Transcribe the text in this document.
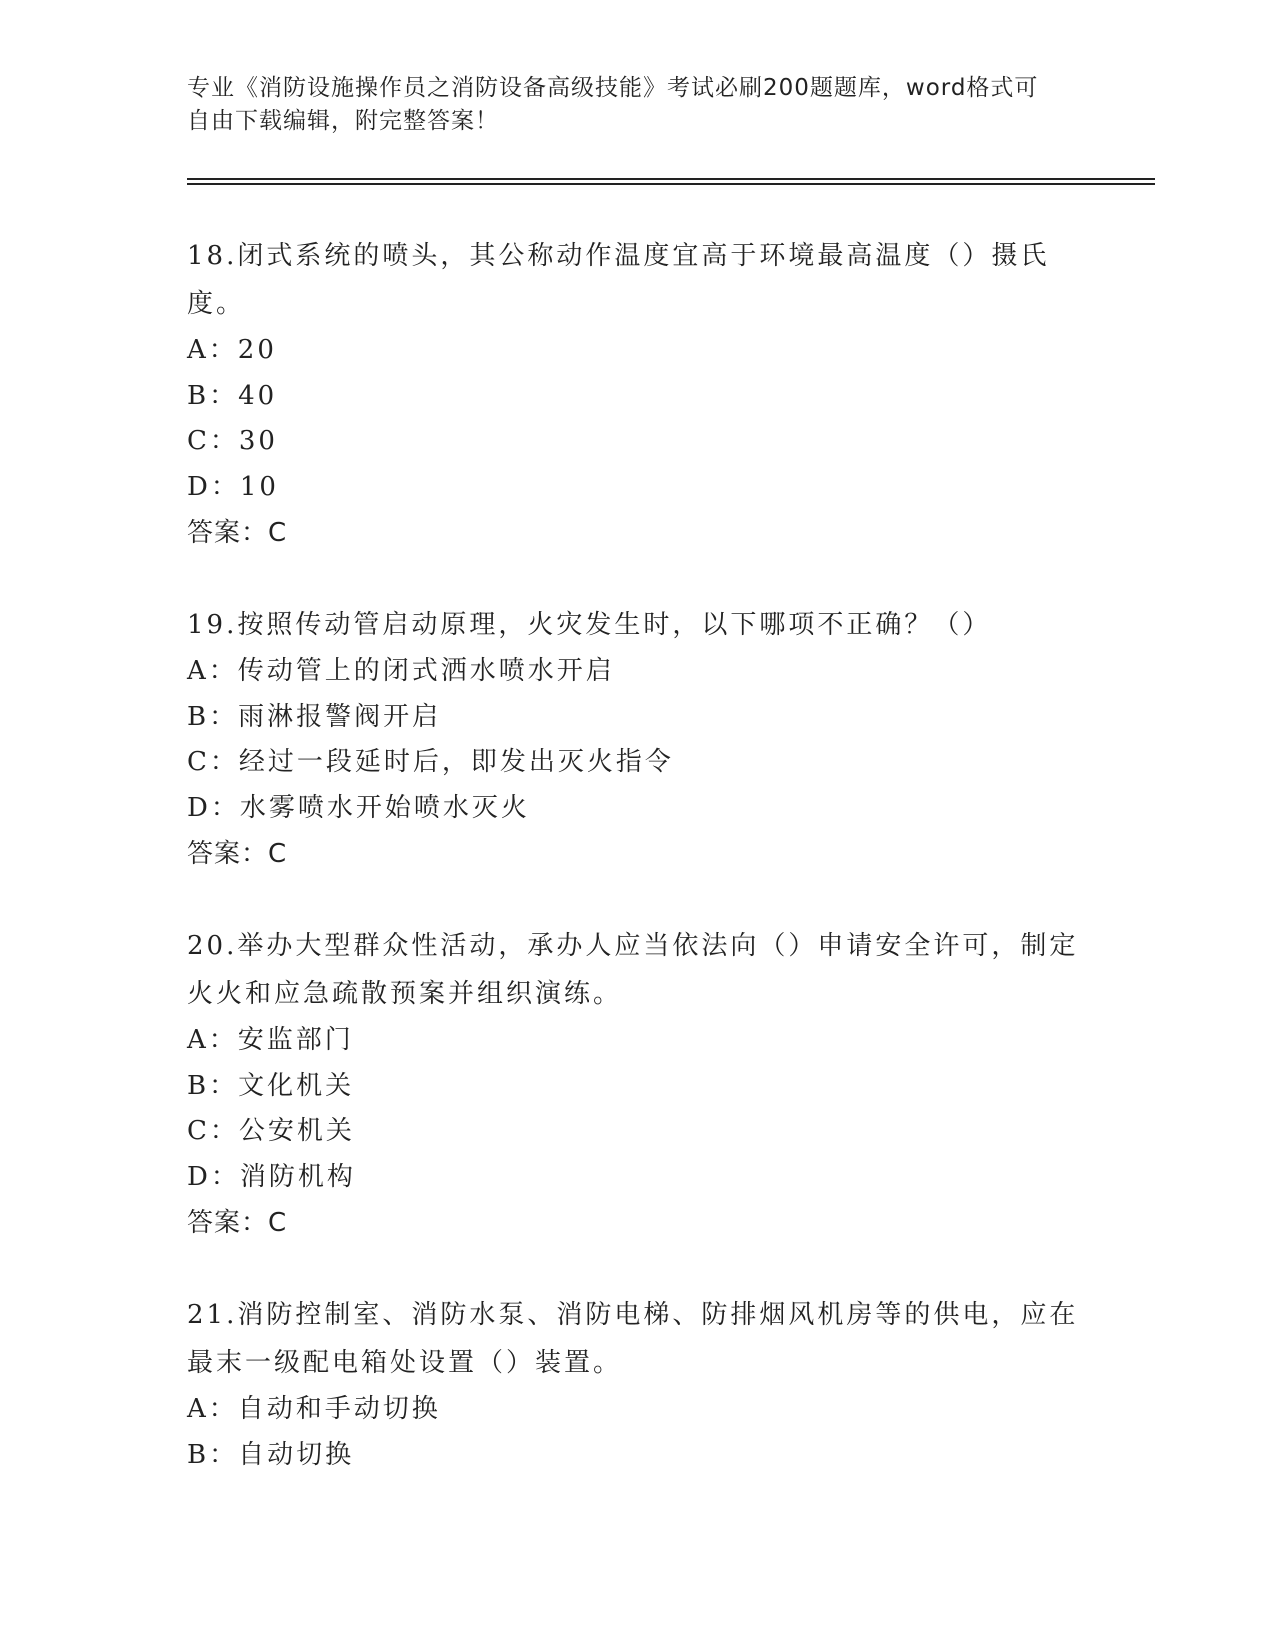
专业《消防设施操作员之消防设备高级技能》考试必刷200题题库，word格式可
自由下载编辑，附完整答案！
18.闭式系统的喷头，其公称动作温度宜高于环境最高温度（）摄氏度。
A：20
B：40
C：30
D：10
答案：C
19.按照传动管启动原理，火灾发生时，以下哪项不正确？（）
A：传动管上的闭式洒水喷水开启
B：雨淋报警阀开启
C：经过一段延时后，即发出灭火指令
D：水雾喷水开始喷水灭火
答案：C
20.举办大型群众性活动，承办人应当依法向（）申请安全许可，制定火火和应急疏散预案并组织演练。
A：安监部门
B：文化机关
C：公安机关
D：消防机构
答案：C
21.消防控制室、消防水泵、消防电梯、防排烟风机房等的供电，应在最末一级配电箱处设置（）装置。
A：自动和手动切换
B：自动切换
